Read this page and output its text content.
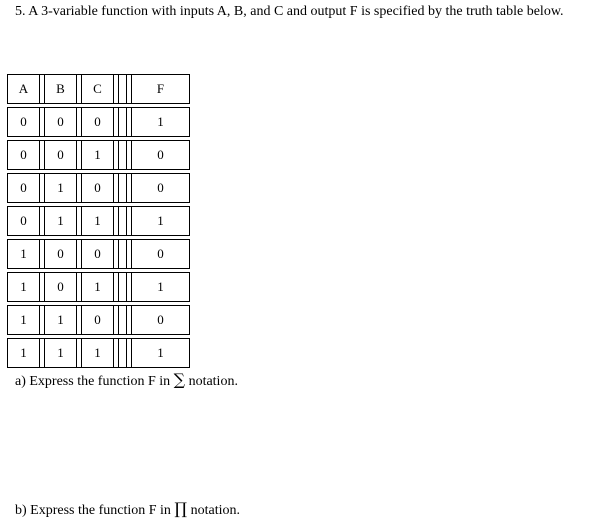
5. A 3-variable function with inputs A, B, and C and output F is specified by the truth table below.
A		B		C				F

0		0		0				1

0		0		1				0

0		1		0				0

0		1		1				1

1		0		0				0

1		0		1				1

1		1		0				0

1		1		1				1
a) Express the function F in ∑ notation.
b) Express the function F in ∏ notation.
